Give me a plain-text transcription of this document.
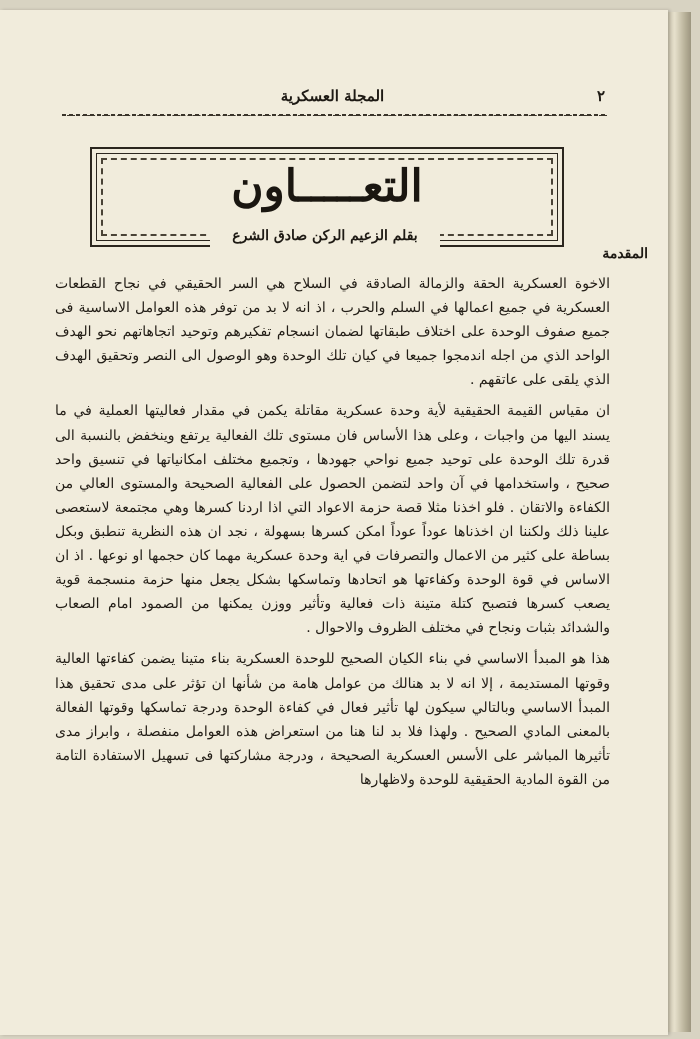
٢
المجلة العسكرية
التعـــــاون
بقلم الزعيم الركن صادق الشرع
المقدمة

الاخوة العسكرية الحقة والزمالة الصادقة في السلاح هي السر الحقيقي في نجاح القطعات العسكرية في جميع اعمالها في السلم والحرب ، اذ انه لا بد من توفر هذه العوامل الاساسية فى جميع صفوف الوحدة على اختلاف طبقاتها لضمان انسجام تفكيرهم وتوحيد اتجاهاتهم نحو الهدف الواحد الذي من اجله اندمجوا جميعا في كيان تلك الوحدة وهو الوصول الى النصر وتحقيق الهدف الذي يلقى على عاتقهم .

ان مقياس القيمة الحقيقية لأية وحدة عسكرية مقاتلة يكمن في مقدار فعاليتها العملية في ما يسند اليها من واجبات ، وعلى هذا الأساس فان مستوى تلك الفعالية يرتفع وينخفض بالنسبة الى قدرة تلك الوحدة على توحيد جميع نواحي جهودها ، وتجميع مختلف امكانياتها في تنسيق واحد صحيح ، واستخدامها في آن واحد لتضمن الحصول على الفعالية الصحيحة والمستوى العالي من الكفاءة والاتقان . فلو اخذنا مثلا قصة حزمة الاعواد التي اذا اردنا كسرها وهي مجتمعة لاستعصى علينا ذلك ولكننا ان اخذناها عوداً عوداً امكن كسرها بسهولة ، نجد ان هذه النظرية تنطبق وبكل بساطة على كثير من الاعمال والتصرفات في اية وحدة عسكرية مهما كان حجمها او نوعها . اذ ان الاساس في قوة الوحدة وكفاءتها هو اتحادها وتماسكها بشكل يجعل منها حزمة منسجمة قوية يصعب كسرها فتصبح كتلة متينة ذات فعالية وتأثير ووزن يمكنها من الصمود امام الصعاب والشدائد بثبات ونجاح في مختلف الظروف والاحوال .

هذا هو المبدأ الاساسي في بناء الكيان الصحيح للوحدة العسكرية بناء متينا يضمن كفاءتها العالية وقوتها المستديمة ، إلا انه لا بد هنالك من عوامل هامة من شأنها ان تؤثر على مدى تحقيق هذا المبدأ الاساسي وبالتالي سيكون لها تأثير فعال في كفاءة الوحدة ودرجة تماسكها وقوتها الفعالة بالمعنى المادي الصحيح . ولهذا فلا بد لنا هنا من استعراض هذه العوامل منفصلة ، وابراز مدى تأثيرها المباشر على الأسس العسكرية الصحيحة ، ودرجة مشاركتها فى تسهيل الاستفادة التامة من القوة المادية الحقيقية للوحدة ولاظهارها
